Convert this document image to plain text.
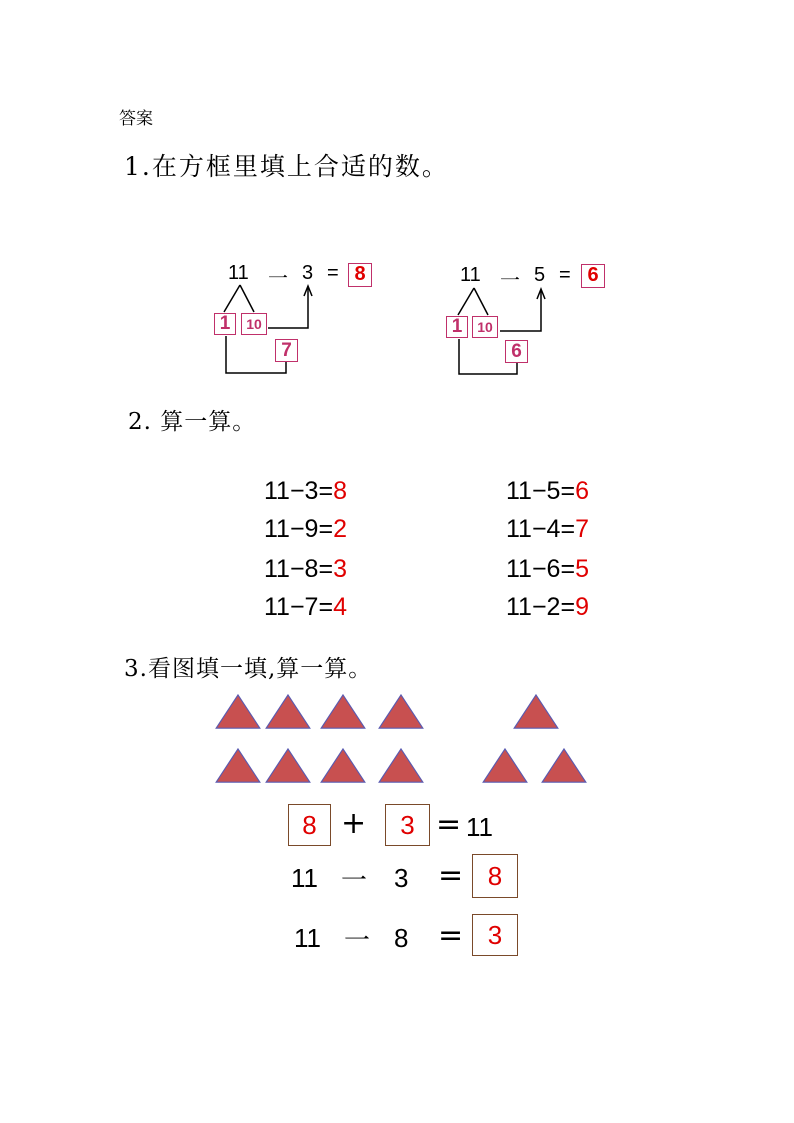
答案
1.在方框里填上合适的数。
11 一 3 = 8
1	10
7
11 一 5 = 6
1	10
6
2. 算一算。
11−3=8
11−9=2
11−8=3
11−7=4
11−5=6
11−4=7
11−6=5
11−2=9
3.看图填一填,算一算。
8 +	3 = 11
11 一 3 = 8
11 一 8 = 3
